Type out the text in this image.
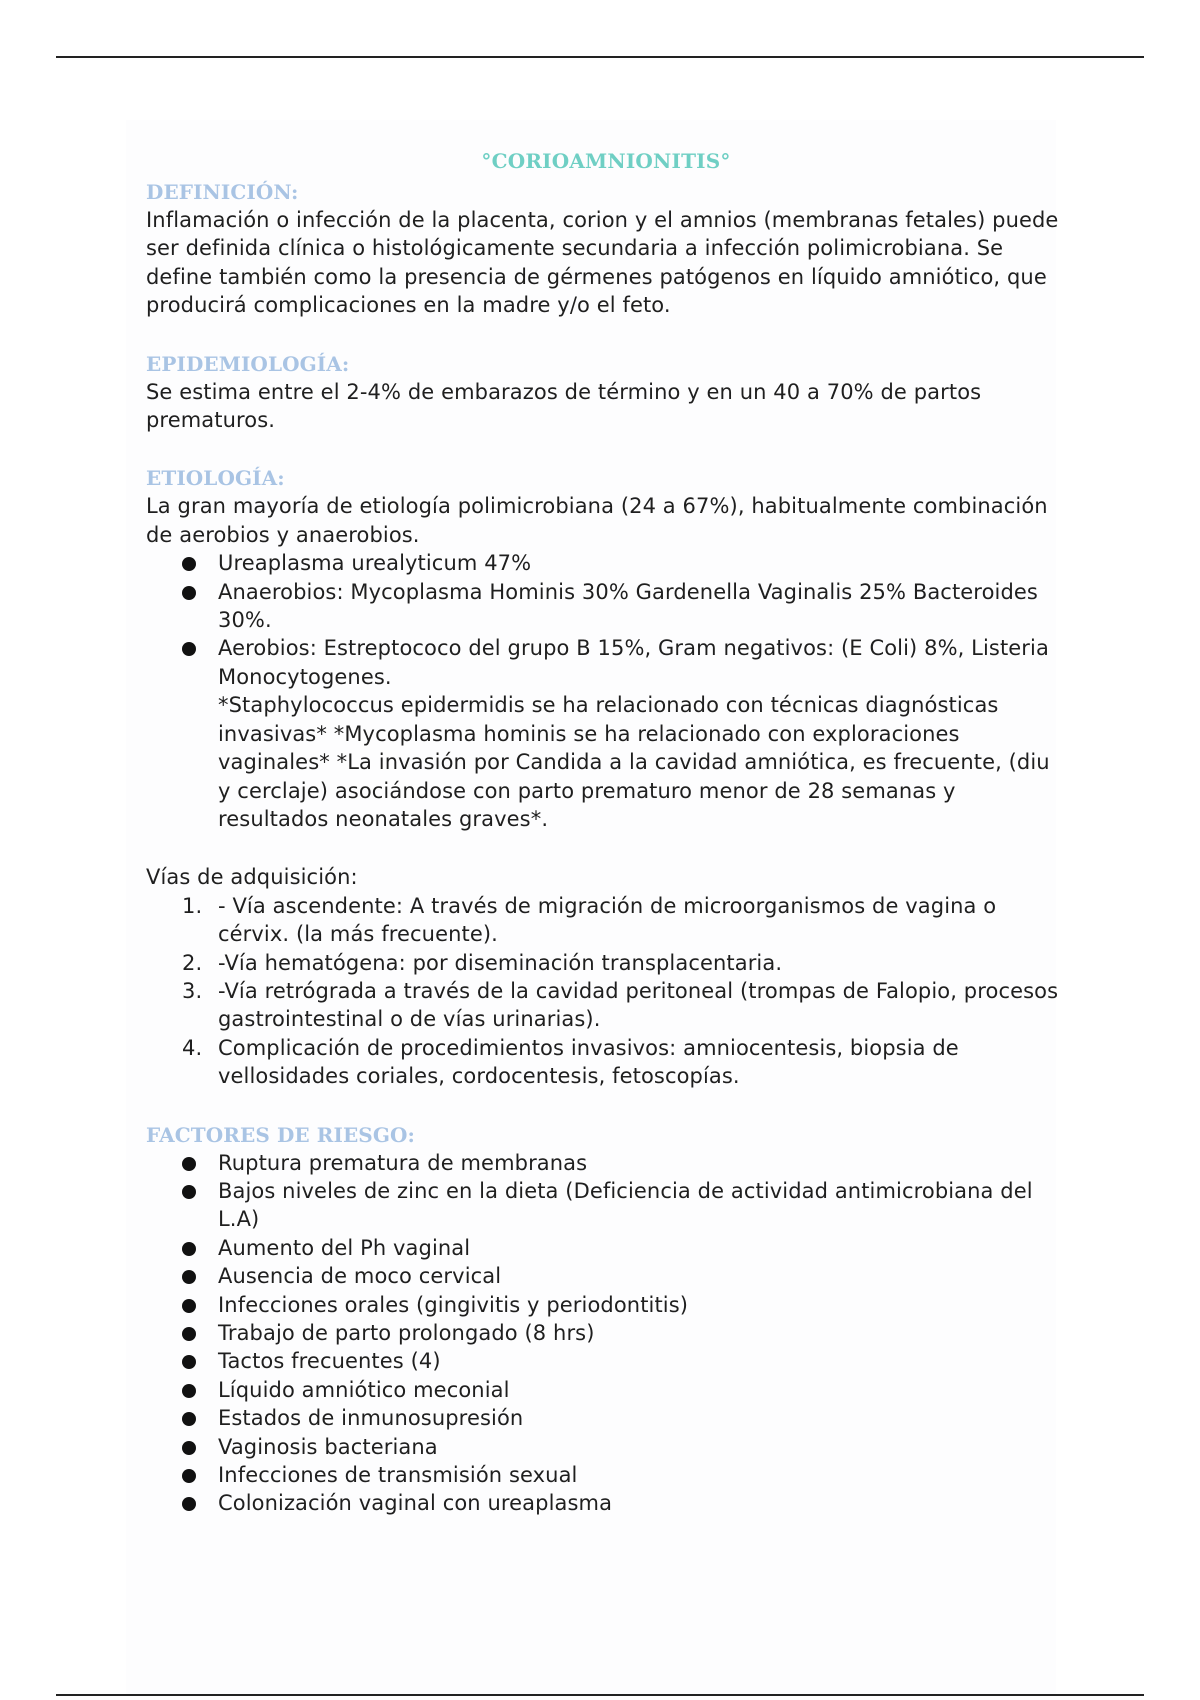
°CORIOAMNIONITIS°
DEFINICIÓN:

Inflamación o infección de la placenta, corion y el amnios (membranas fetales) puede ser definida clínica o histológicamente secundaria a infección polimicrobiana. Se define también como la presencia de gérmenes patógenos en líquido amniótico, que producirá complicaciones en la madre y/o el feto.

EPIDEMIOLOGÍA:

Se estima entre el 2-4% de embarazos de término y en un 40 a 70% de partos prematuros.

ETIOLOGÍA:

La gran mayoría de etiología polimicrobiana (24 a 67%), habitualmente combinación de aerobios y anaerobios.

Ureaplasma urealyticum 47%
Anaerobios: Mycoplasma Hominis 30% Gardenella Vaginalis 25% Bacteroides 30%.
Aerobios: Estreptococo del grupo B 15%, Gram negativos: (E Coli) 8%, Listeria Monocytogenes.

*Staphylococcus epidermidis se ha relacionado con técnicas diagnósticas invasivas* *Mycoplasma hominis se ha relacionado con exploraciones vaginales* *La invasión por Candida a la cavidad amniótica, es frecuente, (diu y cerclaje) asociándose con parto prematuro menor de 28 semanas y resultados neonatales graves*.

Vías de adquisición:

1. - Vía ascendente: A través de migración de microorganismos de vagina o cérvix. (la más frecuente).
2. -Vía hematógena: por diseminación transplacentaria.
3. -Vía retrógrada a través de la cavidad peritoneal (trompas de Falopio, procesos gastrointestinal o de vías urinarias).
4. Complicación de procedimientos invasivos: amniocentesis, biopsia de vellosidades coriales, cordocentesis, fetoscopías.
FACTORES DE RIESGO:
Ruptura prematura de membranas
Bajos niveles de zinc en la dieta (Deficiencia de actividad antimicrobiana del L.A)
Aumento del Ph vaginal
Ausencia de moco cervical
Infecciones orales (gingivitis y periodontitis)
Trabajo de parto prolongado (8 hrs)
Tactos frecuentes (4)
Líquido amniótico meconial
Estados de inmunosupresión
Vaginosis bacteriana
Infecciones de transmisión sexual
Colonización vaginal con ureaplasma
